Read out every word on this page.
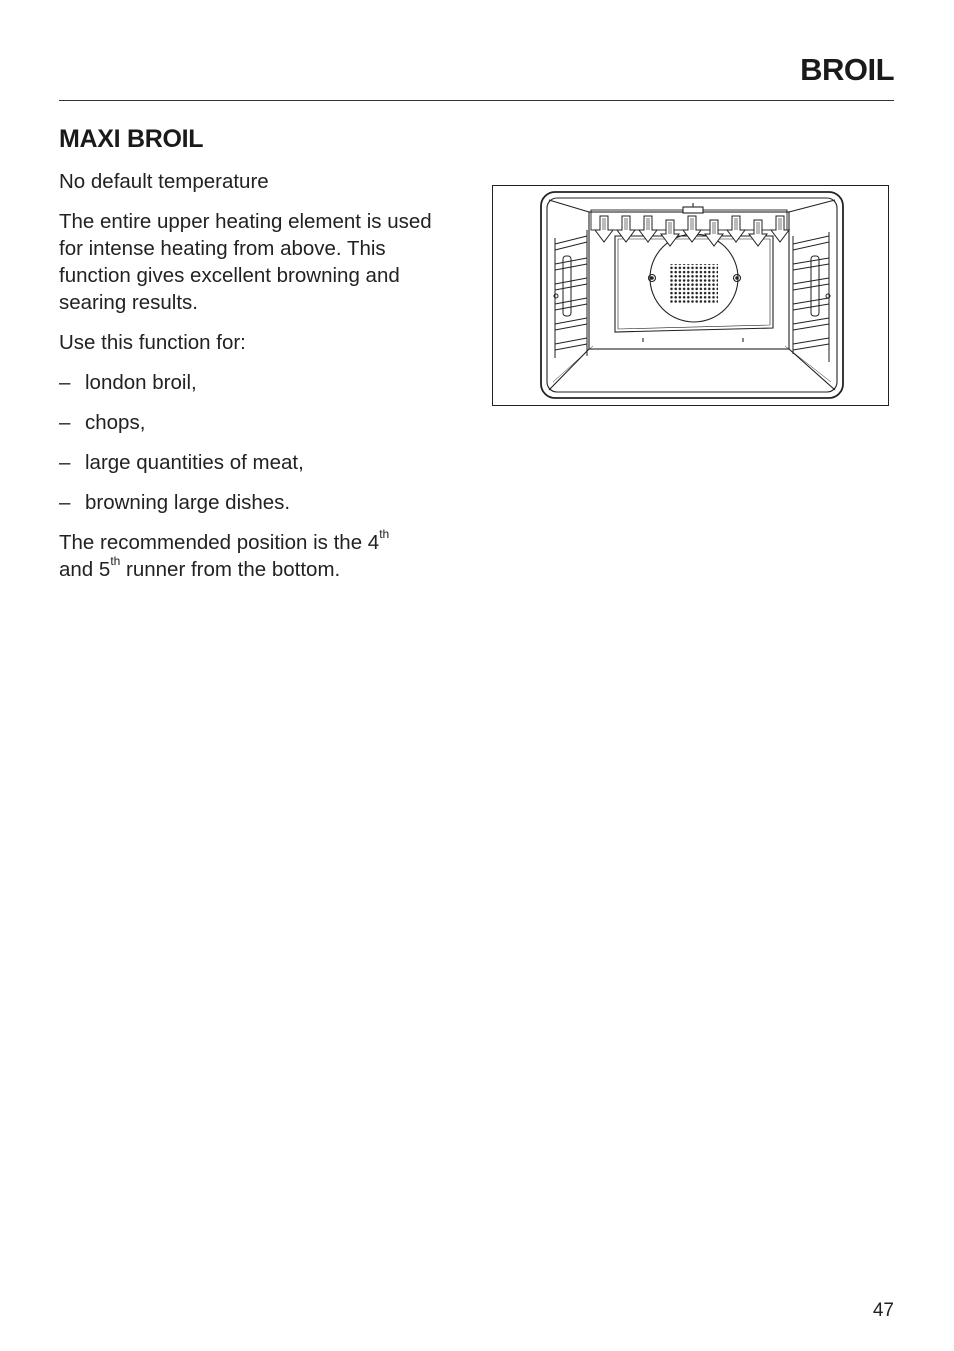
BROIL
MAXI BROIL

No default temperature

The entire upper heating element is used for intense heating from above. This function gives excellent browning and searing results.

Use this function for:

– london broil,
– chops,
– large quantities of meat,
– browning large dishes.

The recommended position is the 4th
and 5th runner from the bottom.

47
